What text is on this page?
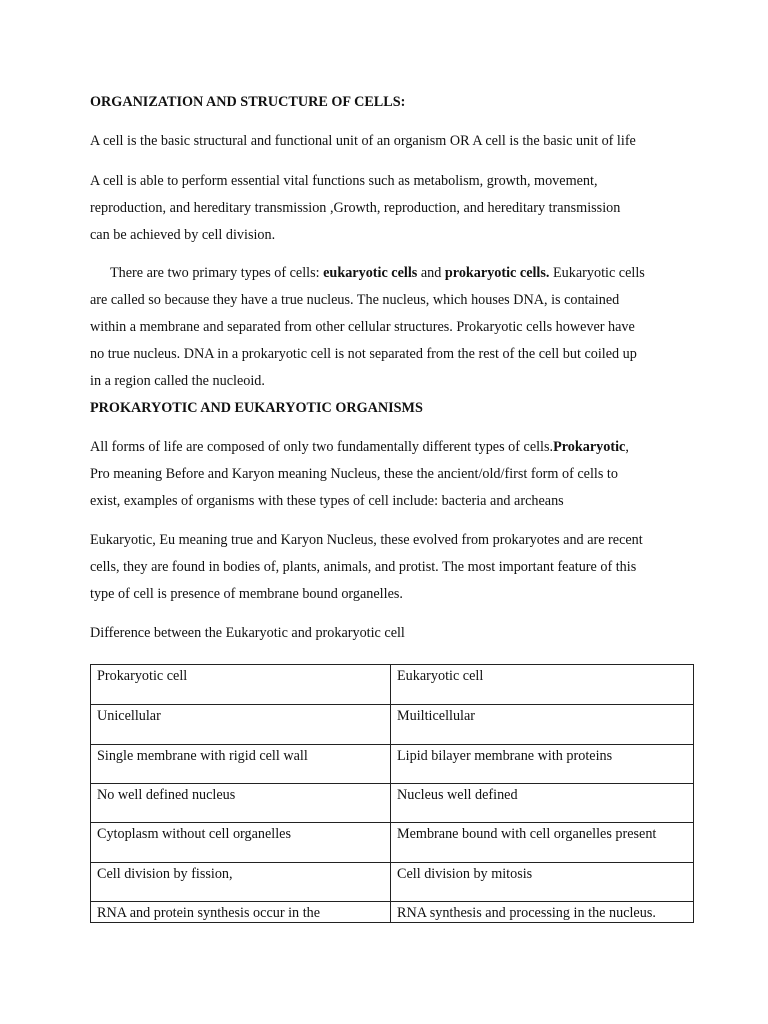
ORGANIZATION AND STRUCTURE OF CELLS:

A cell is the basic structural and functional unit of an organism OR A cell is the basic unit of life

A cell is able to perform essential vital functions such as metabolism, growth, movement,
reproduction, and hereditary transmission ,Growth, reproduction, and hereditary transmission
can be achieved by cell division.
There are two primary types of cells: eukaryotic cells and prokaryotic cells. Eukaryotic cells
are called so because they have a true nucleus. The nucleus, which houses DNA, is contained
within a membrane and separated from other cellular structures. Prokaryotic cells however have
no true nucleus. DNA in a prokaryotic cell is not separated from the rest of the cell but coiled up
in a region called the nucleoid.

PROKARYOTIC AND EUKARYOTIC ORGANISMS

All forms of life are composed of only two fundamentally different types of cells.Prokaryotic,
Pro meaning Before and Karyon meaning Nucleus, these the ancient/old/first form of cells to
exist, examples of organisms with these types of cell include: bacteria and archeans
Eukaryotic, Eu meaning true and Karyon Nucleus, these evolved from prokaryotes and are recent
cells, they are found in bodies of, plants, animals, and protist. The most important feature of this
type of cell is presence of membrane bound organelles.

Difference between the Eukaryotic and prokaryotic cell

Prokaryotic cell	Eukaryotic cell
Unicellular	Muilticellular
Single membrane with rigid cell wall	Lipid bilayer membrane with proteins
No well defined nucleus	Nucleus well defined
Cytoplasm without cell organelles	Membrane bound with cell organelles present
Cell division by fission,	Cell division by mitosis
RNA and protein synthesis occur in the	RNA synthesis and processing in the nucleus.
